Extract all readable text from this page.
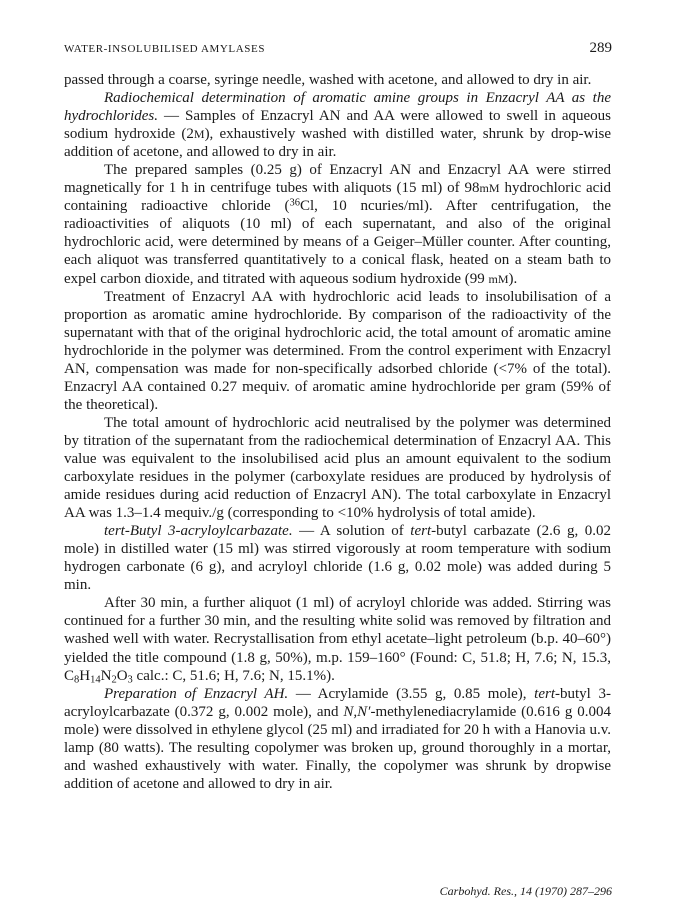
WATER-INSOLUBILISED AMYLASES	289

passed through a coarse, syringe needle, washed with acetone, and allowed to dry in air.

Radiochemical determination of aromatic amine groups in Enzacryl AA as the hydrochlorides. — Samples of Enzacryl AN and AA were allowed to swell in aqueous sodium hydroxide (2M), exhaustively washed with distilled water, shrunk by drop-wise addition of acetone, and allowed to dry in air.

The prepared samples (0.25 g) of Enzacryl AN and Enzacryl AA were stirred magnetically for 1 h in centrifuge tubes with aliquots (15 ml) of 98mM hydrochloric acid containing radioactive chloride ($^{36}$Cl, 10 ncuries/ml). After centrifugation, the radioactivities of aliquots (10 ml) of each supernatant, and also of the original hydrochloric acid, were determined by means of a Geiger–Müller counter. After counting, each aliquot was transferred quantitatively to a conical flask, heated on a steam bath to expel carbon dioxide, and titrated with aqueous sodium hydroxide (99 mM).

Treatment of Enzacryl AA with hydrochloric acid leads to insolubilisation of a proportion as aromatic amine hydrochloride. By comparison of the radioactivity of the supernatant with that of the original hydrochloric acid, the total amount of aromatic amine hydrochloride in the polymer was determined. From the control experiment with Enzacryl AN, compensation was made for non-specifically adsorbed chloride (<7% of the total). Enzacryl AA contained 0.27 mequiv. of aromatic amine hydrochloride per gram (59% of the theoretical).

The total amount of hydrochloric acid neutralised by the polymer was determined by titration of the supernatant from the radiochemical determination of Enzacryl AA. This value was equivalent to the insolubilised acid plus an amount equivalent to the sodium carboxylate residues in the polymer (carboxylate residues are produced by hydrolysis of amide residues during acid reduction of Enzacryl AN). The total carboxylate in Enzacryl AA was 1.3–1.4 mequiv./g (corresponding to <10% hydrolysis of total amide).

tert-Butyl 3-acryloylcarbazate. — A solution of tert-butyl carbazate (2.6 g, 0.02 mole) in distilled water (15 ml) was stirred vigorously at room temperature with sodium hydrogen carbonate (6 g), and acryloyl chloride (1.6 g, 0.02 mole) was added during 5 min.

After 30 min, a further aliquot (1 ml) of acryloyl chloride was added. Stirring was continued for a further 30 min, and the resulting white solid was removed by filtration and washed well with water. Recrystallisation from ethyl acetate–light petroleum (b.p. 40–60°) yielded the title compound (1.8 g, 50%), m.p. 159–160° (Found: C, 51.8; H, 7.6; N, 15.3, $C_8H_{14}N_2O_3$ calc.: C, 51.6; H, 7.6; N, 15.1%).

Preparation of Enzacryl AH. — Acrylamide (3.55 g, 0.85 mole), tert-butyl 3-acryloylcarbazate (0.372 g, 0.002 mole), and N,N′-methylenediacrylamide (0.616 g 0.004 mole) were dissolved in ethylene glycol (25 ml) and irradiated for 20 h with a Hanovia u.v. lamp (80 watts). The resulting copolymer was broken up, ground thoroughly in a mortar, and washed exhaustively with water. Finally, the copolymer was shrunk by dropwise addition of acetone and allowed to dry in air.

Carbohyd. Res., 14 (1970) 287–296
